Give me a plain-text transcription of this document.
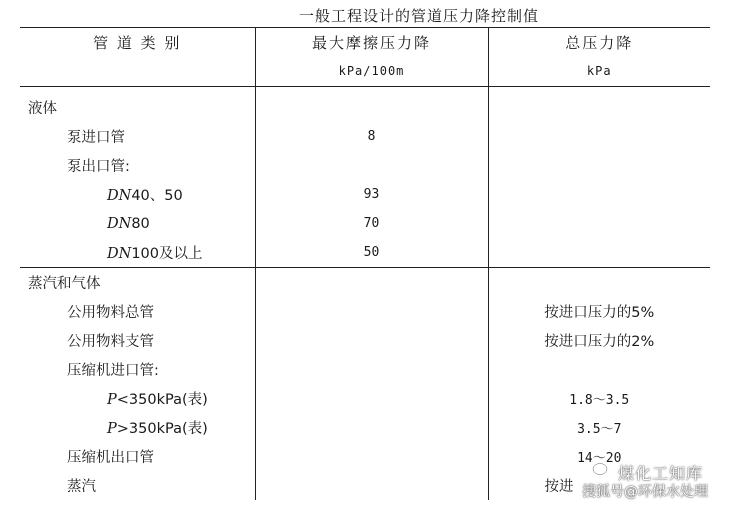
一般工程设计的管道压力降控制值
管 道 类 别	最大摩擦压力降	总压力降
	kPa/100m	kPa
液体		
泵进口管	8	
泵出口管:		
DN40、50	93	
DN80	70	
DN100及以上	50	
蒸汽和气体		
公用物料总管		按进口压力的5%
公用物料支管		按进口压力的2%
压缩机进口管:		
P<350kPa(表)		1.8～3.5
P>350kPa(表)		3.5～7
压缩机出口管		14～20
蒸汽		按进
煤化工知库
搜狐号@环保水处理
